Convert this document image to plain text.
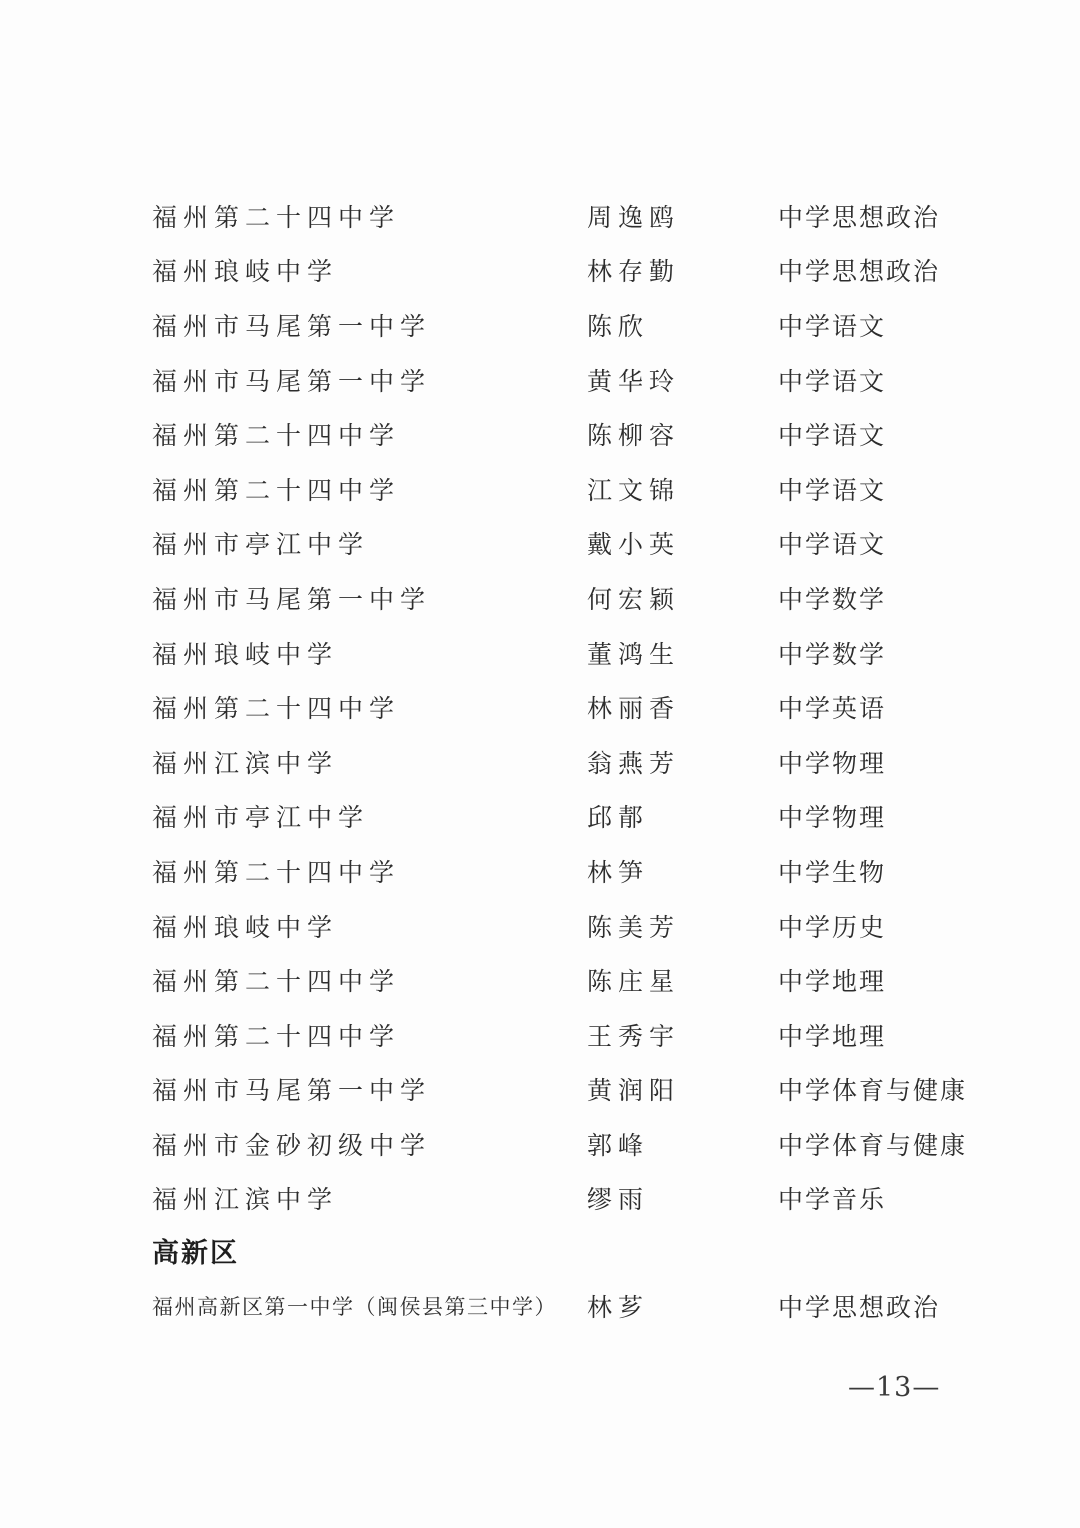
福州第二十四中学	周逸鸥	中学思想政治
福州琅岐中学	林存勤	中学思想政治
福州市马尾第一中学	陈欣	中学语文
福州市马尾第一中学	黄华玲	中学语文
福州第二十四中学	陈柳容	中学语文
福州第二十四中学	江文锦	中学语文
福州市亭江中学	戴小英	中学语文
福州市马尾第一中学	何宏颖	中学数学
福州琅岐中学	董鸿生	中学数学
福州第二十四中学	林丽香	中学英语
福州江滨中学	翁燕芳	中学物理
福州市亭江中学	邱郬	中学物理
福州第二十四中学	林笋	中学生物
福州琅岐中学	陈美芳	中学历史
福州第二十四中学	陈庄星	中学地理
福州第二十四中学	王秀宇	中学地理
福州市马尾第一中学	黄润阳	中学体育与健康
福州市金砂初级中学	郭峰	中学体育与健康
福州江滨中学	缪雨	中学音乐
高新区
福州高新区第一中学（闽侯县第三中学）	林芗	中学思想政治
—13—
